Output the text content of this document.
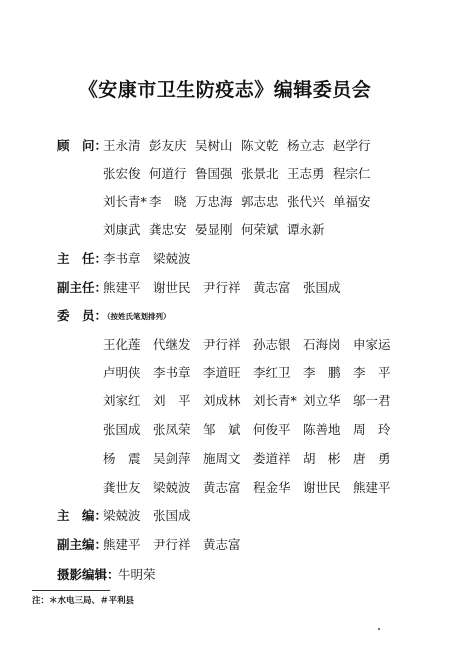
《安康市卫生防疫志》编辑委员会
顾　问：
王永清 彭友庆 吴树山 陈文乾 杨立志 赵学行
张宏俊 何道行 鲁国强 张景北 王志勇 程宗仁
刘长青* 李　晓 万忠海 郭志忠 张代兴 单福安
刘康武 龚忠安 晏显刚 何荣斌 谭永新
主　任：
李书章 梁兢波
副主任：
熊建平 谢世民 尹行祥 黄志富 张国成
委　员：
（按姓氏笔划排列）
王化莲 代继发 尹行祥 孙志银 石海岗 申家运
卢明侠 李书章 李道旺 李红卫 李　鹏 李　平
刘家红 刘　平 刘成林 刘长青* 刘立华 邬一君
张国成 张凤荣 邹　斌 何俊平 陈善地 周　玲
杨　震 吴剑萍 施周文 娄道祥 胡　彬 唐　勇
龚世友 梁兢波 黄志富 程金华 谢世民 熊建平
主　编：
梁兢波 张国成
副主编：
熊建平 尹行祥 黄志富
摄影编辑：
牛明荣
注：＊水电三局、＃平利县
